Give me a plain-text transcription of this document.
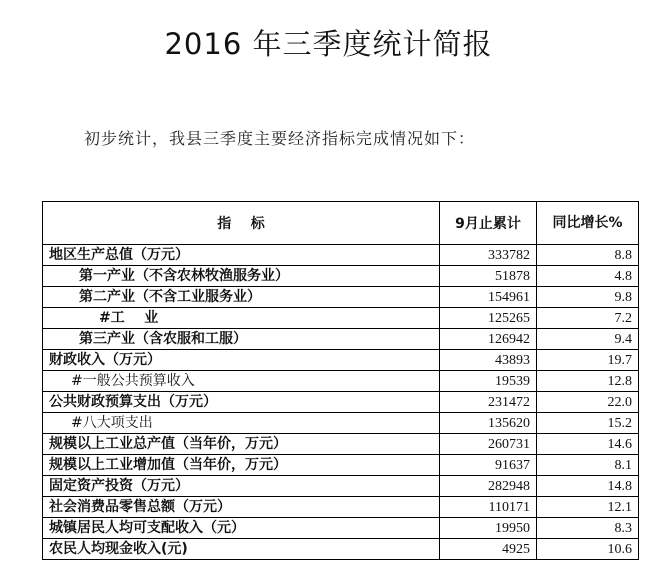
2016 年三季度统计简报
初步统计，我县三季度主要经济指标完成情况如下：
指    标	9月止累计	同比增长%
地区生产总值（万元）	333782	8.8
第一产业（不含农林牧渔服务业）	51878	4.8
第二产业（不含工业服务业）	154961	9.8
#工    业	125265	7.2
第三产业（含农服和工服）	126942	9.4
财政收入（万元）	43893	19.7
#一般公共预算收入	19539	12.8
公共财政预算支出（万元）	231472	22.0
#八大项支出	135620	15.2
规模以上工业总产值（当年价，万元）	260731	14.6
规模以上工业增加值（当年价，万元）	91637	8.1
固定资产投资（万元）	282948	14.8
社会消费品零售总额（万元）	110171	12.1
城镇居民人均可支配收入（元）	19950	8.3
农民人均现金收入(元)	4925	10.6
